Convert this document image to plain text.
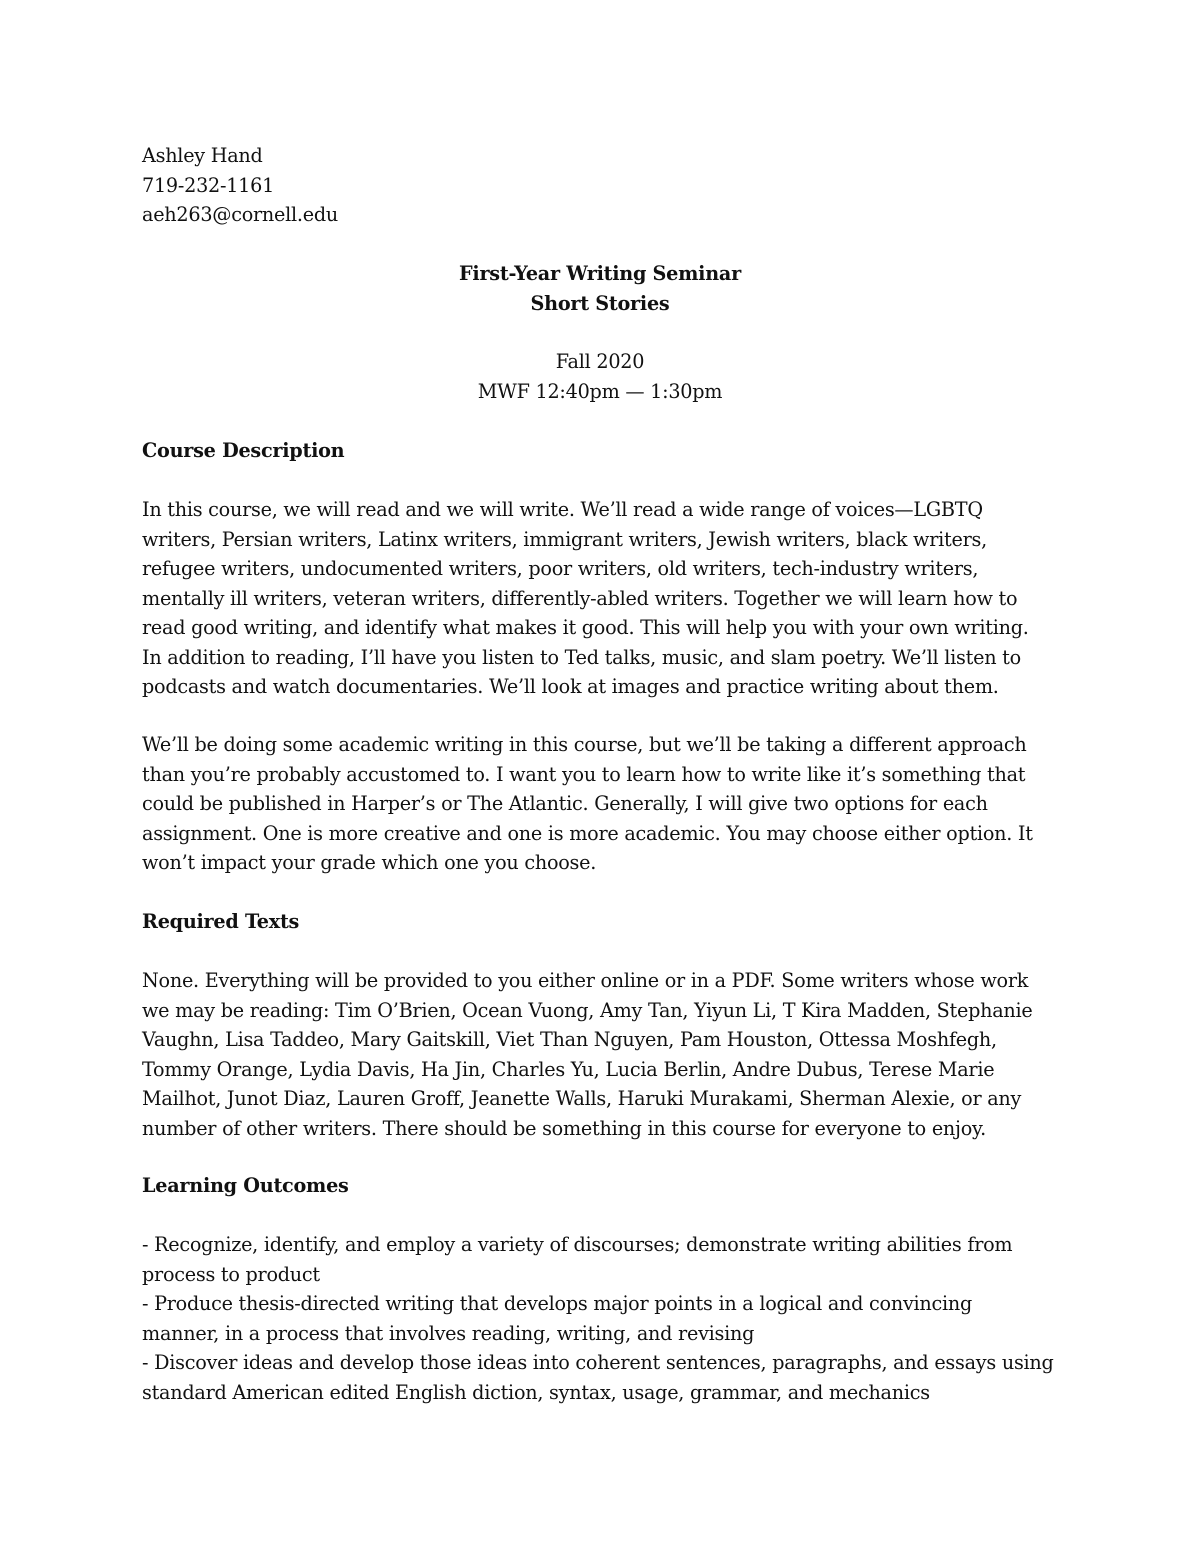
Ashley Hand
719-232-1161
aeh263@cornell.edu
First-Year Writing Seminar
Short Stories
Fall 2020
MWF 12:40pm — 1:30pm
Course Description
In this course, we will read and we will write. We’ll read a wide range of voices—LGBTQ
writers, Persian writers, Latinx writers, immigrant writers, Jewish writers, black writers,
refugee writers, undocumented writers, poor writers, old writers, tech-industry writers,
mentally ill writers, veteran writers, differently-abled writers. Together we will learn how to
read good writing, and identify what makes it good. This will help you with your own writing.
In addition to reading, I’ll have you listen to Ted talks, music, and slam poetry. We’ll listen to
podcasts and watch documentaries. We’ll look at images and practice writing about them.
We’ll be doing some academic writing in this course, but we’ll be taking a different approach
than you’re probably accustomed to. I want you to learn how to write like it’s something that
could be published in Harper’s or The Atlantic. Generally, I will give two options for each
assignment. One is more creative and one is more academic. You may choose either option. It
won’t impact your grade which one you choose.
Required Texts
None. Everything will be provided to you either online or in a PDF. Some writers whose work
we may be reading: Tim O’Brien, Ocean Vuong, Amy Tan, Yiyun Li, T Kira Madden, Stephanie
Vaughn, Lisa Taddeo, Mary Gaitskill, Viet Than Nguyen, Pam Houston, Ottessa Moshfegh,
Tommy Orange, Lydia Davis, Ha Jin, Charles Yu, Lucia Berlin, Andre Dubus, Terese Marie
Mailhot, Junot Diaz, Lauren Groff, Jeanette Walls, Haruki Murakami, Sherman Alexie, or any
number of other writers. There should be something in this course for everyone to enjoy.
Learning Outcomes
- Recognize, identify, and employ a variety of discourses; demonstrate writing abilities from
process to product
- Produce thesis-directed writing that develops major points in a logical and convincing
manner, in a process that involves reading, writing, and revising
- Discover ideas and develop those ideas into coherent sentences, paragraphs, and essays using
standard American edited English diction, syntax, usage, grammar, and mechanics
